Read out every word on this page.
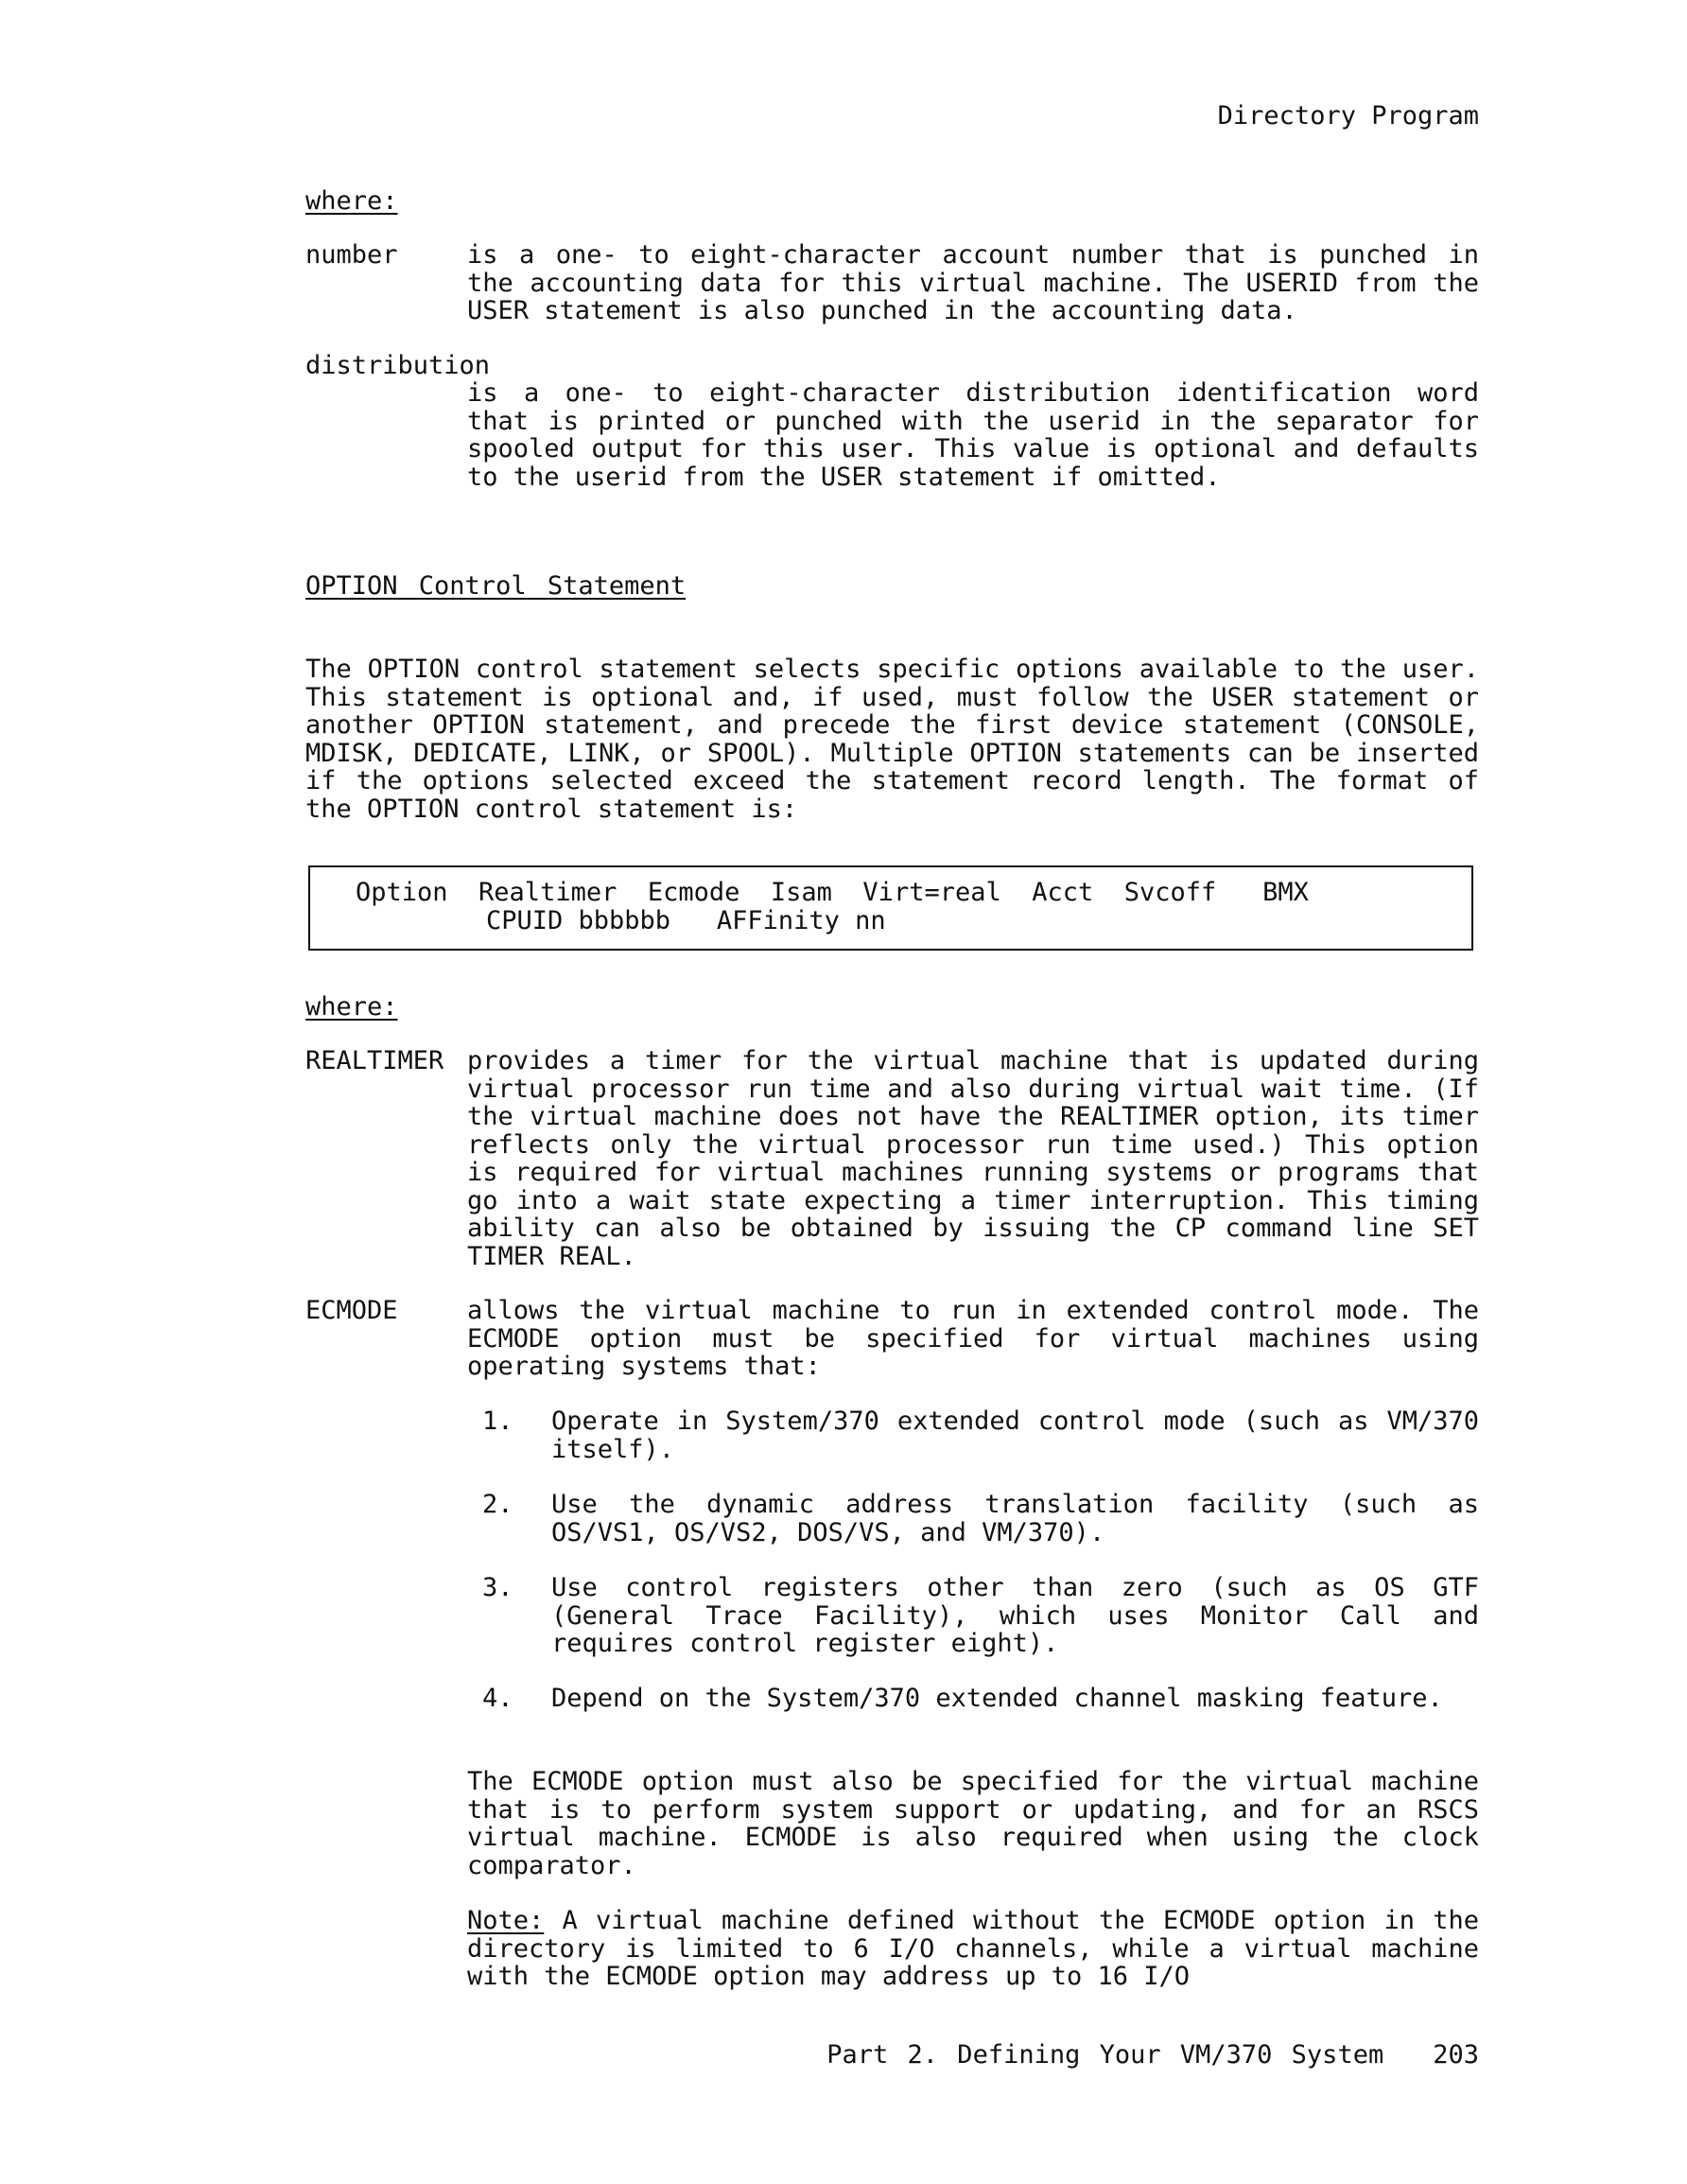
Directory Program
where:
number	is a one- to eight-character account number that is punched in the accounting data for this virtual machine. The USERID from the USER statement is also punched in the accounting data.
distribution
is a one- to eight-character distribution identification word that is printed or punched with the userid in the separator for spooled output for this user. This value is optional and defaults to the userid from the USER statement if omitted.
OPTION Control Statement
The OPTION control statement selects specific options available to the user. This statement is optional and, if used, must follow the USER statement or another OPTION statement, and precede the first device statement (CONSOLE, MDISK, DEDICATE, LINK, or SPOOL). Multiple OPTION statements can be inserted if the options selected exceed the statement record length. The format of the OPTION control statement is:
Option  Realtimer  Ecmode  Isam  Virt=real  Acct  Svcoff   BMX
CPUID bbbbbb   AFFinity nn
where:
REALTIMER provides a timer for the virtual machine that is updated during virtual processor run time and also during virtual wait time. (If the virtual machine does not have the REALTIMER option, its timer reflects only the virtual processor run time used.) This option is required for virtual machines running systems or programs that go into a wait state expecting a timer interruption. This timing ability can also be obtained by issuing the CP command line SET TIMER REAL.
ECMODE	allows the virtual machine to run in extended control mode. The ECMODE option must be specified for virtual machines using operating systems that:
1. Operate in System/370 extended control mode (such as VM/370 itself).
2. Use the dynamic address translation facility (such as OS/VS1, OS/VS2, DOS/VS, and VM/370).
3. Use control registers other than zero (such as OS GTF (General Trace Facility), which uses Monitor Call and requires control register eight).
4. Depend on the System/370 extended channel masking feature.
The ECMODE option must also be specified for the virtual machine that is to perform system support or updating, and for an RSCS virtual machine. ECMODE is also required when using the clock comparator.
Note: A virtual machine defined without the ECMODE option in the directory is limited to 6 I/O channels, while a virtual machine with the ECMODE option may address up to 16 I/O
Part 2. Defining Your VM/370 System 203
